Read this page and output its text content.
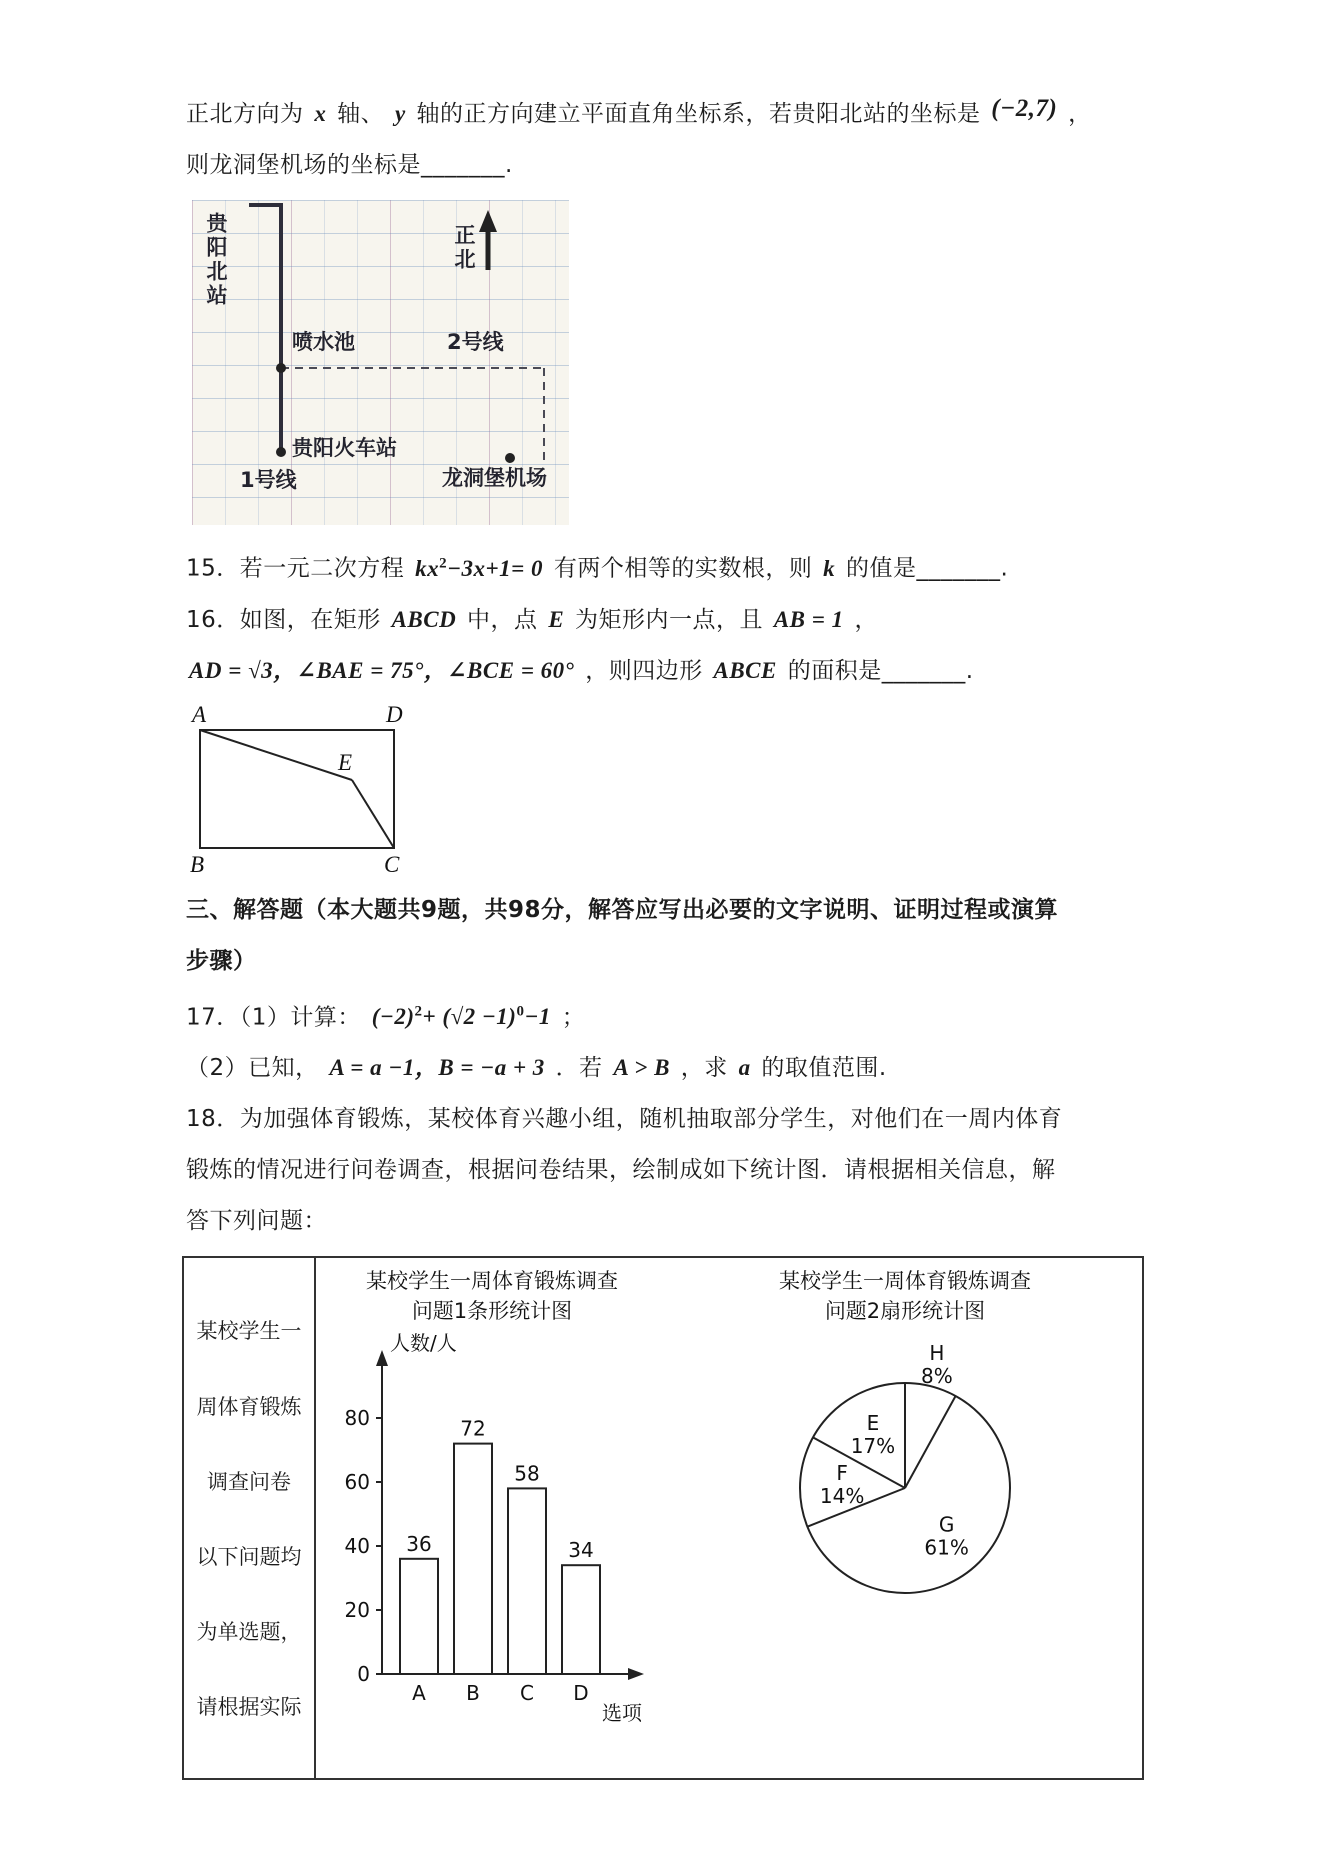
正北方向为 x 轴、 y 轴的正方向建立平面直角坐标系，若贵阳北站的坐标是 (−2,7) ，

则龙洞堡机场的坐标是_______.

贵阳北站	正北
喷水池	2号线
贵阳火车站
1号线	龙洞堡机场

15．若一元二次方程 $kx^2-3x+1= 0$ 有两个相等的实数根，则 k 的值是_______.

16．如图，在矩形 ABCD 中，点 E 为矩形内一点，且 AB = 1 ，

AD = √3，∠BAE = 75°，∠BCE = 60° ，则四边形 ABCE 的面积是_______.

A	D
E
B	C

三、解答题（本大题共9题，共98分，解答应写出必要的文字说明、证明过程或演算

步骤）

17．（1）计算： $(-2)^2+ (√2 -1)^0-1$ ；

（2）已知， A = a −1，B = −a + 3 ．若 A > B ，求 a 的取值范围.

18．为加强体育锻炼，某校体育兴趣小组，随机抽取部分学生，对他们在一周内体育

锻炼的情况进行问卷调查，根据问卷结果，绘制成如下统计图．请根据相关信息，解

答下列问题：

某校学生一
周体育锻炼
调查问卷
以下问题均
为单选题，
请根据实际
某校学生一周体育锻炼调查
问题1条形统计图
人数/人
选项
0
20
40
60
80
36
A
72
B
58
C
34
D
某校学生一周体育锻炼调查
问题2扇形统计图
H
8%
G
61%
F
14%
E
17%
